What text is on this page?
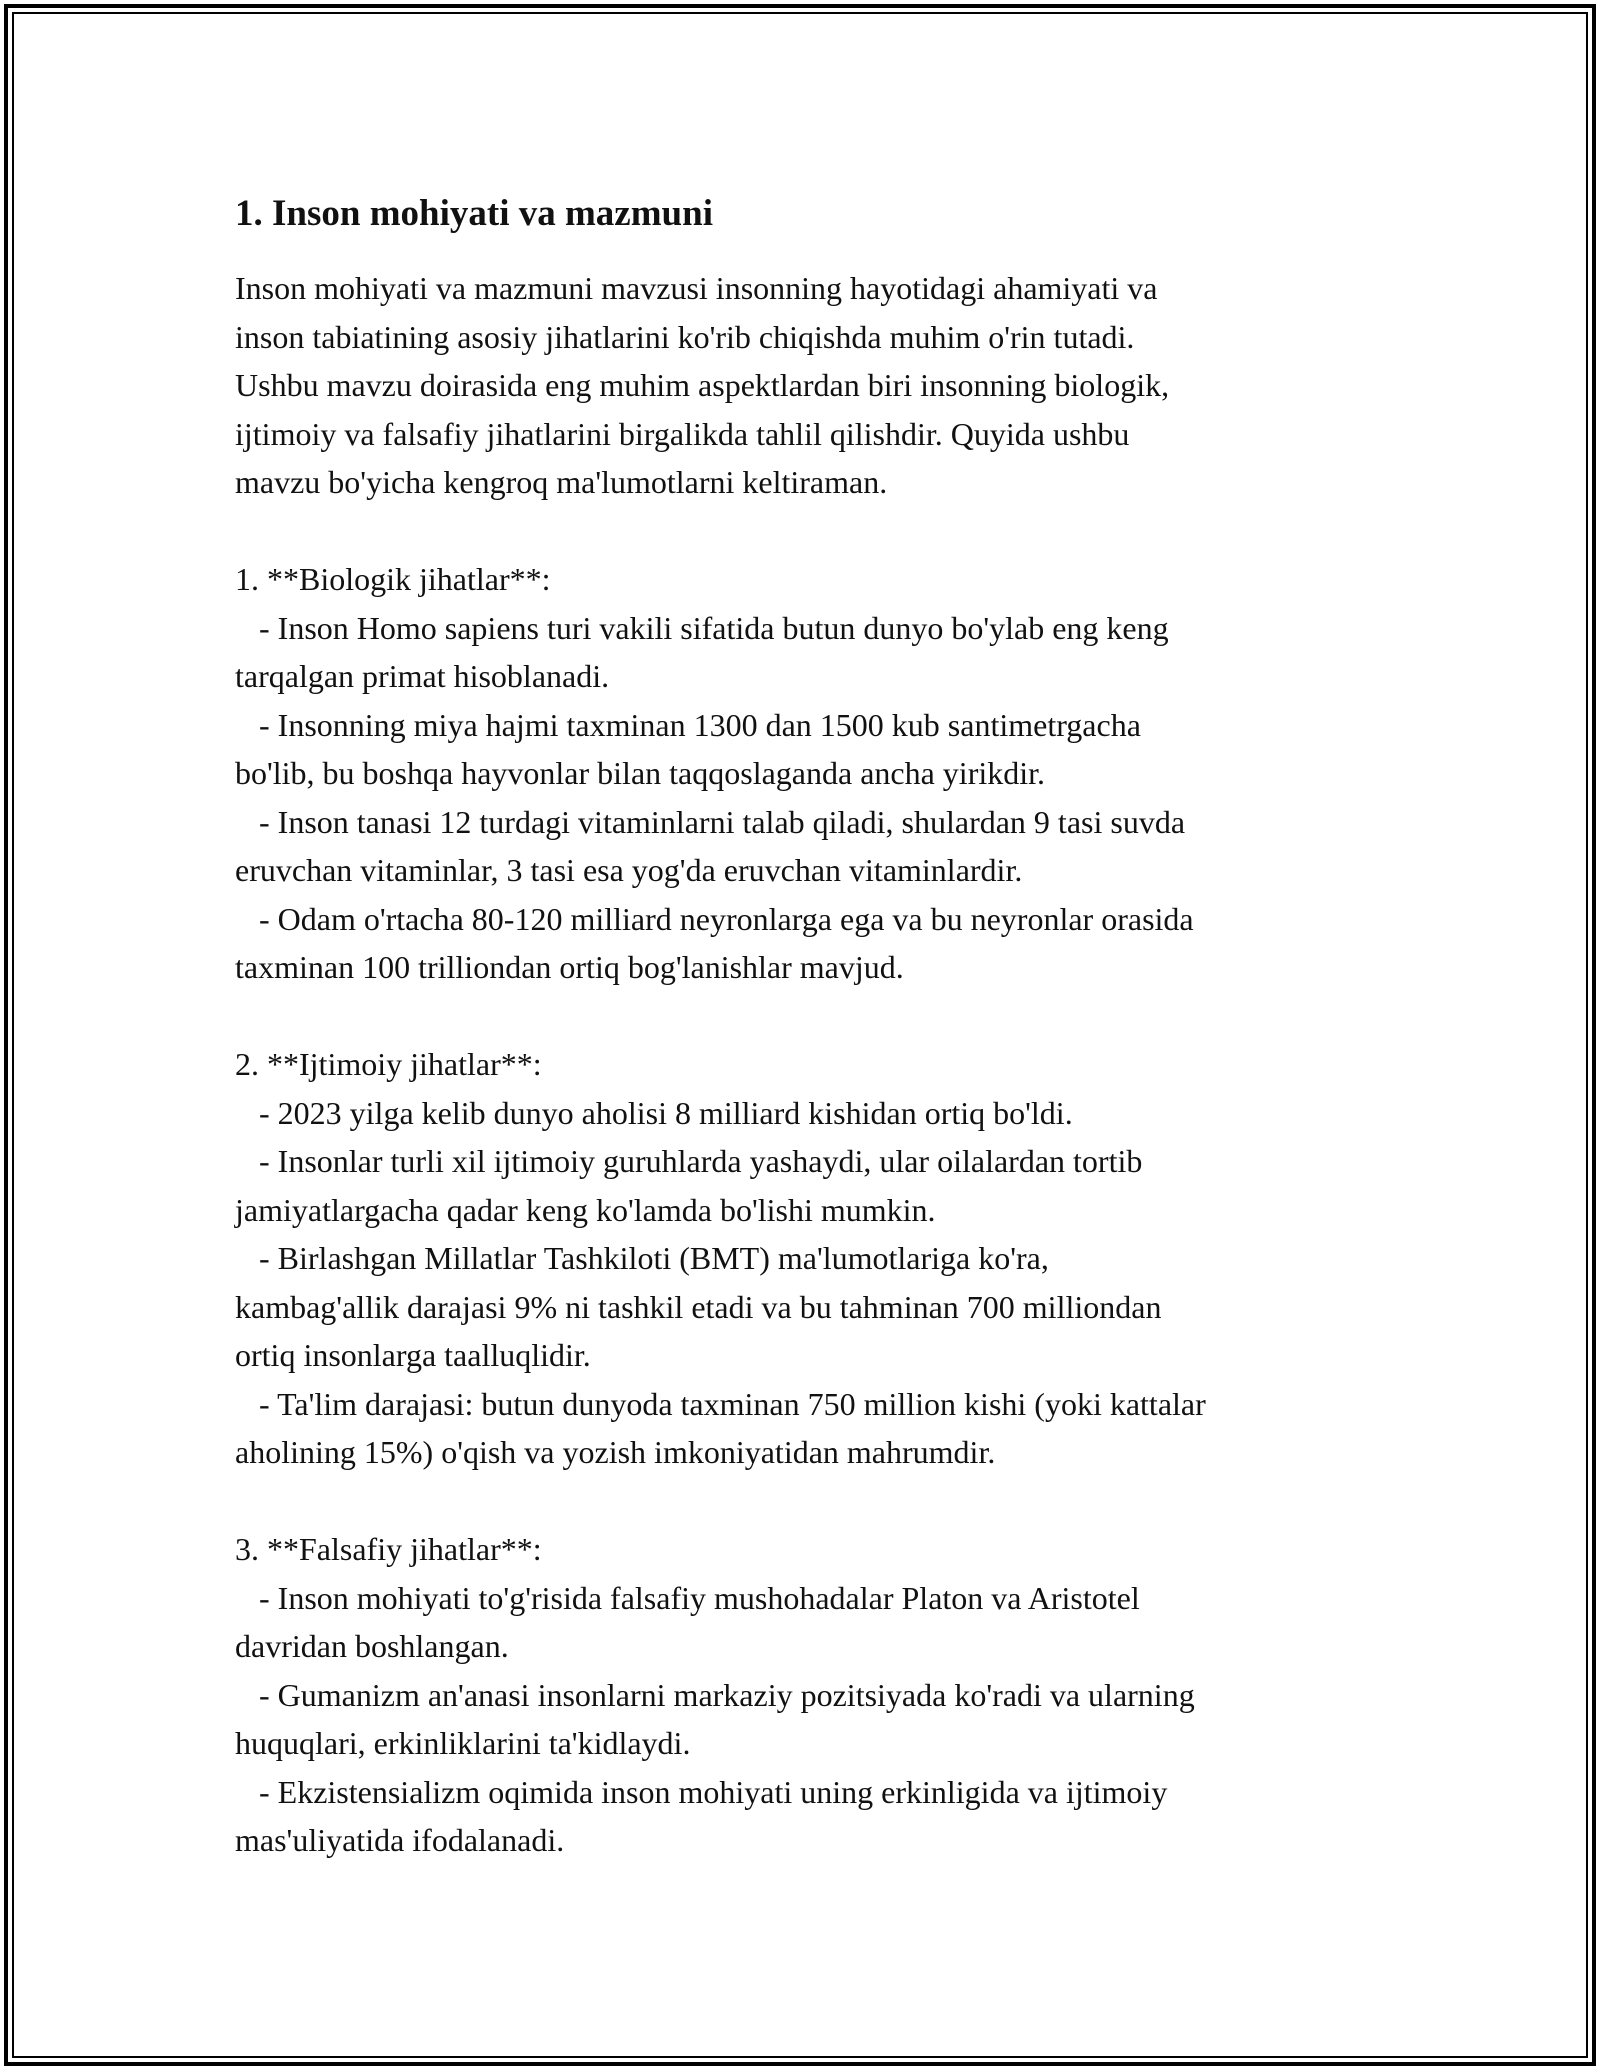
1. Inson mohiyati va mazmuni
Inson mohiyati va mazmuni mavzusi insonning hayotidagi ahamiyati va
inson tabiatining asosiy jihatlarini ko'rib chiqishda muhim o'rin tutadi.
Ushbu mavzu doirasida eng muhim aspektlardan biri insonning biologik,
ijtimoiy va falsafiy jihatlarini birgalikda tahlil qilishdir. Quyida ushbu
mavzu bo'yicha kengroq ma'lumotlarni keltiraman.
1. **Biologik jihatlar**:
- Inson Homo sapiens turi vakili sifatida butun dunyo bo'ylab eng keng
tarqalgan primat hisoblanadi.
- Insonning miya hajmi taxminan 1300 dan 1500 kub santimetrgacha
bo'lib, bu boshqa hayvonlar bilan taqqoslaganda ancha yirikdir.
- Inson tanasi 12 turdagi vitaminlarni talab qiladi, shulardan 9 tasi suvda
eruvchan vitaminlar, 3 tasi esa yog'da eruvchan vitaminlardir.
- Odam o'rtacha 80-120 milliard neyronlarga ega va bu neyronlar orasida
taxminan 100 trilliondan ortiq bog'lanishlar mavjud.
2. **Ijtimoiy jihatlar**:
- 2023 yilga kelib dunyo aholisi 8 milliard kishidan ortiq bo'ldi.
- Insonlar turli xil ijtimoiy guruhlarda yashaydi, ular oilalardan tortib
jamiyatlargacha qadar keng ko'lamda bo'lishi mumkin.
- Birlashgan Millatlar Tashkiloti (BMT) ma'lumotlariga ko'ra,
kambag'allik darajasi 9% ni tashkil etadi va bu tahminan 700 milliondan
ortiq insonlarga taalluqlidir.
- Ta'lim darajasi: butun dunyoda taxminan 750 million kishi (yoki kattalar
aholining 15%) o'qish va yozish imkoniyatidan mahrumdir.
3. **Falsafiy jihatlar**:
- Inson mohiyati to'g'risida falsafiy mushohadalar Platon va Aristotel
davridan boshlangan.
- Gumanizm an'anasi insonlarni markaziy pozitsiyada ko'radi va ularning
huquqlari, erkinliklarini ta'kidlaydi.
- Ekzistensializm oqimida inson mohiyati uning erkinligida va ijtimoiy
mas'uliyatida ifodalanadi.
